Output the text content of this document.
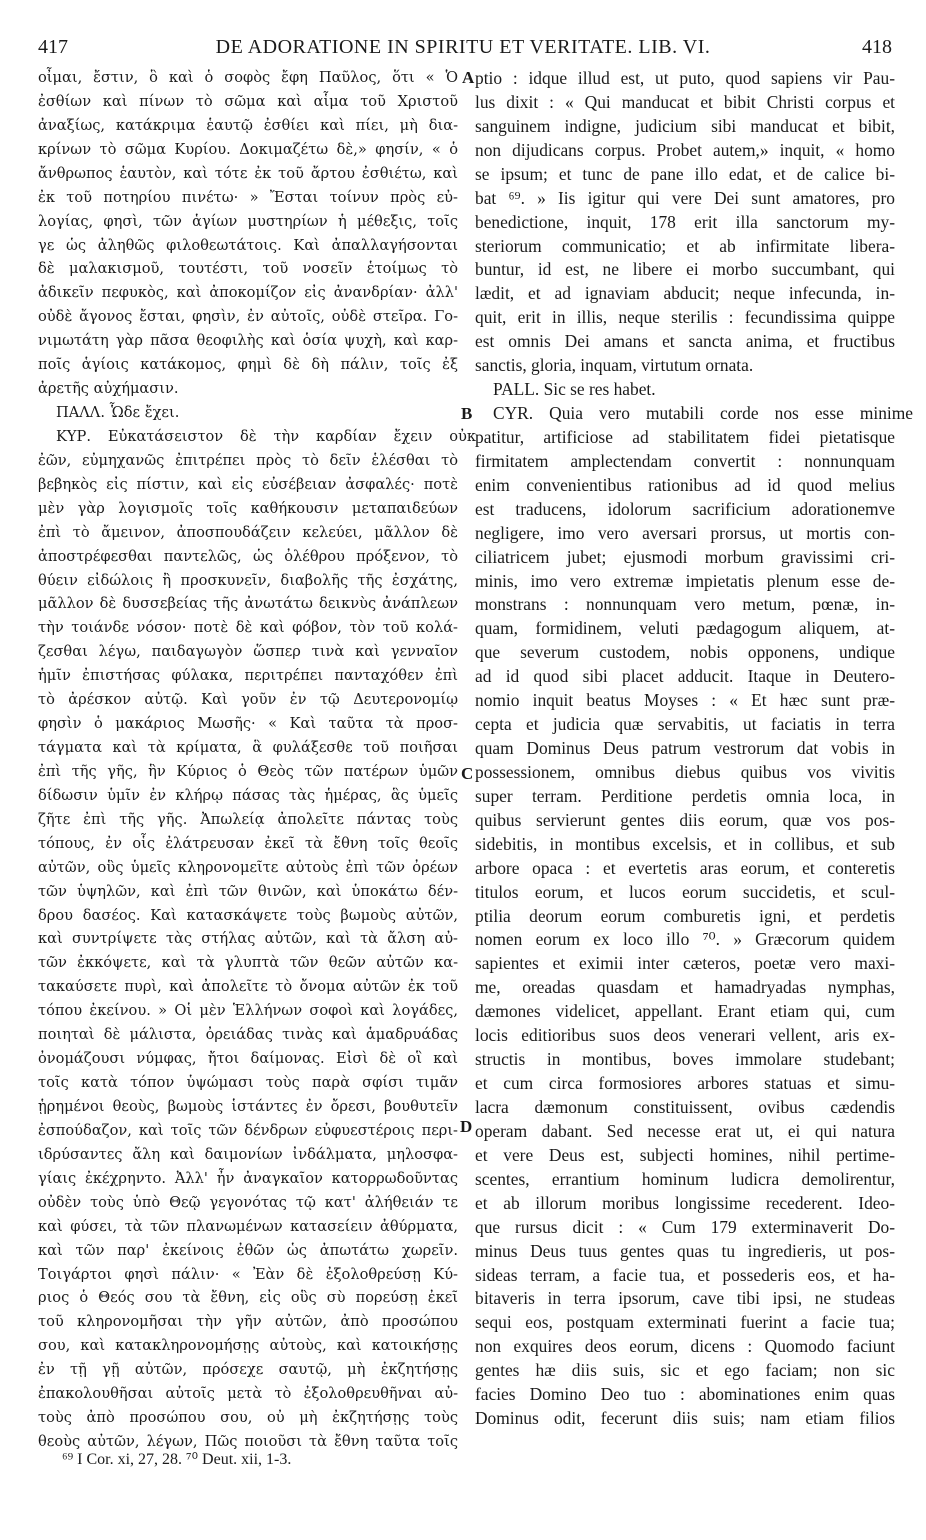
417	DE ADORATIONE IN SPIRITU ET VERITATE. LIB. VI.	418
οἶμαι, ἔστιν, ὃ καὶ ὁ σοφὸς ἔφη Παῦλος, ὅτι « Ὁ
ἐσθίων καὶ πίνων τὸ σῶμα καὶ αἷμα τοῦ Χριστοῦ
ἀναξίως, κατάκριμα ἑαυτῷ ἐσθίει καὶ πίει, μὴ δια-
κρίνων τὸ σῶμα Κυρίου. Δοκιμαζέτω δὲ,» φησίν, « ὁ
ἄνθρωπος ἑαυτὸν, καὶ τότε ἐκ τοῦ ἄρτου ἐσθιέτω, καὶ
ἐκ τοῦ ποτηρίου πινέτω· » Ἔσται τοίνυν πρὸς εὐ-
λογίας, φησὶ, τῶν ἁγίων μυστηρίων ἡ μέθεξις, τοῖς
γε ὡς ἀληθῶς φιλοθεωτάτοις. Καὶ ἀπαλλαγήσονται
δὲ μαλακισμοῦ, τουτέστι, τοῦ νοσεῖν ἑτοίμως τὸ
ἀδικεῖν πεφυκὸς, καὶ ἀποκομίζον εἰς ἀνανδρίαν· ἀλλ'
οὐδὲ ἄγονος ἔσται, φησὶν, ἐν αὐτοῖς, οὐδὲ στεῖρα. Γο-
νιμωτάτη γὰρ πᾶσα θεοφιλὴς καὶ ὁσία ψυχὴ, καὶ καρ-
ποῖς ἁγίοις κατάκομος, φημὶ δὲ δὴ πάλιν, τοῖς ἐξ
ἀρετῆς αὐχήμασιν.
ΠΑΛΛ. Ὧδε ἔχει.
ΚΥΡ. Εὐκατάσειστον δὲ τὴν καρδίαν ἔχειν οὐκ
ἐῶν, εὐμηχανῶς ἐπιτρέπει πρὸς τὸ δεῖν ἑλέσθαι τὸ
βεβηκὸς εἰς πίστιν, καὶ εἰς εὐσέβειαν ἀσφαλές· ποτὲ
μὲν γὰρ λογισμοῖς τοῖς καθήκουσιν μεταπαιδεύων
ἐπὶ τὸ ἄμεινον, ἀποσπουδάζειν κελεύει, μᾶλλον δὲ
ἀποστρέφεσθαι παντελῶς, ὡς ὀλέθρου πρόξενον, τὸ
θύειν εἰδώλοις ἢ προσκυνεῖν, διαβολῆς τῆς ἐσχάτης,
μᾶλλον δὲ δυσσεβείας τῆς ἀνωτάτω δεικνὺς ἀνάπλεων
τὴν τοιάνδε νόσον· ποτὲ δὲ καὶ φόβον, τὸν τοῦ κολά-
ζεσθαι λέγω, παιδαγωγὸν ὥσπερ τινὰ καὶ γενναῖον
ἡμῖν ἐπιστήσας φύλακα, περιτρέπει πανταχόθεν ἐπὶ
τὸ ἀρέσκον αὐτῷ. Καὶ γοῦν ἐν τῷ Δευτερονομίῳ
φησὶν ὁ μακάριος Μωσῆς· « Καὶ ταῦτα τὰ προσ-
τάγματα καὶ τὰ κρίματα, ἃ φυλάξεσθε τοῦ ποιῆσαι
ἐπὶ τῆς γῆς, ἣν Κύριος ὁ Θεὸς τῶν πατέρων ὑμῶν
δίδωσιν ὑμῖν ἐν κλήρῳ πάσας τὰς ἡμέρας, ἃς ὑμεῖς
ζῆτε ἐπὶ τῆς γῆς. Ἀπωλείᾳ ἀπολεῖτε πάντας τοὺς
τόπους, ἐν οἷς ἐλάτρευσαν ἐκεῖ τὰ ἔθνη τοῖς θεοῖς
αὐτῶν, οὓς ὑμεῖς κληρονομεῖτε αὐτοὺς ἐπὶ τῶν ὀρέων
τῶν ὑψηλῶν, καὶ ἐπὶ τῶν θινῶν, καὶ ὑποκάτω δέν-
δρου δασέος. Καὶ κατασκάψετε τοὺς βωμοὺς αὐτῶν,
καὶ συντρίψετε τὰς στήλας αὐτῶν, καὶ τὰ ἄλση αὐ-
τῶν ἐκκόψετε, καὶ τὰ γλυπτὰ τῶν θεῶν αὐτῶν κα-
τακαύσετε πυρὶ, καὶ ἀπολεῖτε τὸ ὄνομα αὐτῶν ἐκ τοῦ
τόπου ἐκείνου. » Οἱ μὲν Ἑλλήνων σοφοὶ καὶ λογάδες,
ποιηταὶ δὲ μάλιστα, ὀρειάδας τινὰς καὶ ἁμαδρυάδας
ὀνομάζουσι νύμφας, ἤτοι δαίμονας. Εἰσὶ δὲ οἳ καὶ
τοῖς κατὰ τόπον ὑψώμασι τοὺς παρὰ σφίσι τιμᾶν
ᾑρημένοι θεοὺς, βωμοὺς ἱστάντες ἐν ὄρεσι, βουθυτεῖν
ἐσπούδαζον, καὶ τοῖς τῶν δένδρων εὐφυεστέροις περι-
ιδρύσαντες ἄλη καὶ δαιμονίων ἰνδάλματα, μηλοσφα-
γίαις ἐκέχρηντο. Ἀλλ' ἦν ἀναγκαῖον κατορρωδοῦντας
οὐδὲν τοὺς ὑπὸ Θεῷ γεγονότας τῷ κατ' ἀλήθειάν τε
καὶ φύσει, τὰ τῶν πλανωμένων κατασείειν ἀθύρματα,
καὶ τῶν παρ' ἐκείνοις ἐθῶν ὡς ἀπωτάτω χωρεῖν.
Τοιγάρτοι φησὶ πάλιν· « Ἐὰν δὲ ἐξολοθρεύσῃ Κύ-
ριος ὁ Θεός σου τὰ ἔθνη, εἰς οὓς σὺ πορεύσῃ ἐκεῖ
τοῦ κληρονομῆσαι τὴν γῆν αὐτῶν, ἀπὸ προσώπου
σου, καὶ κατακληρονομήσῃς αὐτοὺς, καὶ κατοικήσῃς
ἐν τῇ γῇ αὐτῶν, πρόσεχε σαυτῷ, μὴ ἐκζητήσῃς
ἐπακολουθῆσαι αὐτοῖς μετὰ τὸ ἐξολοθρευθῆναι αὐ-
τοὺς ἀπὸ προσώπου σου, οὐ μὴ ἐκζητήσῃς τοὺς
θεοὺς αὐτῶν, λέγων, Πῶς ποιοῦσι τὰ ἔθνη ταῦτα τοῖς
ptio : idque illud est, ut puto, quod sapiens vir Pau-
lus dixit : « Qui manducat et bibit Christi corpus et
sanguinem indigne, judicium sibi manducat et bibit,
non dijudicans corpus. Probet autem,» inquit, « homo
se ipsum; et tunc de pane illo edat, et de calice bi-
bat ⁶⁹. » Iis igitur qui vere Dei sunt amatores, pro
benedictione, inquit, 178 erit illa sanctorum my-
steriorum communicatio; et ab infirmitate libera-
buntur, id est, ne libere ei morbo succumbant, qui
lædit, et ad ignaviam abducit; neque infecunda, in-
quit, erit in illis, neque sterilis : fecundissima quippe
est omnis Dei amans et sancta anima, et fructibus
sanctis, gloria, inquam, virtutum ornata.
PALL. Sic se res habet.
CYR. Quia vero mutabili corde nos esse minime
patitur, artificiose ad stabilitatem fidei pietatisque
firmitatem amplectendam convertit : nonnunquam
enim convenientibus rationibus ad id quod melius
est traducens, idolorum sacrificium adorationemve
negligere, imo vero aversari prorsus, ut mortis con-
ciliatricem jubet; ejusmodi morbum gravissimi cri-
minis, imo vero extremæ impietatis plenum esse de-
monstrans : nonnunquam vero metum, pœnæ, in-
quam, formidinem, veluti pædagogum aliquem, at-
que severum custodem, nobis opponens, undique
ad id quod sibi placet adducit. Itaque in Deutero-
nomio inquit beatus Moyses : « Et hæc sunt præ-
cepta et judicia quæ servabitis, ut faciatis in terra
quam Dominus Deus patrum vestrorum dat vobis in
possessionem, omnibus diebus quibus vos vivitis
super terram. Perditione perdetis omnia loca, in
quibus servierunt gentes diis eorum, quæ vos pos-
sidebitis, in montibus excelsis, et in collibus, et sub
arbore opaca : et evertetis aras eorum, et conteretis
titulos eorum, et lucos eorum succidetis, et scul-
ptilia deorum eorum comburetis igni, et perdetis
nomen eorum ex loco illo ⁷⁰. » Græcorum quidem
sapientes et eximii inter cæteros, poetæ vero maxi-
me, oreadas quasdam et hamadryadas nymphas,
dæmones videlicet, appellant. Erant etiam qui, cum
locis editioribus suos deos venerari vellent, aris ex-
structis in montibus, boves immolare studebant;
et cum circa formosiores arbores statuas et simu-
lacra dæmonum constituissent, ovibus cædendis
operam dabant. Sed necesse erat ut, ei qui natura
et vere Deus est, subjecti homines, nihil pertime-
scentes, errantium hominum ludicra demolirentur,
et ab illorum moribus longissime recederent. Ideo-
que rursus dicit : « Cum 179 exterminaverit Do-
minus Deus tuus gentes quas tu ingredieris, ut pos-
sideas terram, a facie tua, et possederis eos, et ha-
bitaveris in terra ipsorum, cave tibi ipsi, ne studeas
sequi eos, postquam exterminati fuerint a facie tua;
non exquires deos eorum, dicens : Quomodo faciunt
gentes hæ diis suis, sic et ego faciam; non sic
facies Domino Deo tuo : abominationes enim quas
Dominus odit, fecerunt diis suis; nam etiam filios
A
B
C
D
⁶⁹ I Cor. xi, 27, 28. ⁷⁰ Deut. xii, 1-3.
